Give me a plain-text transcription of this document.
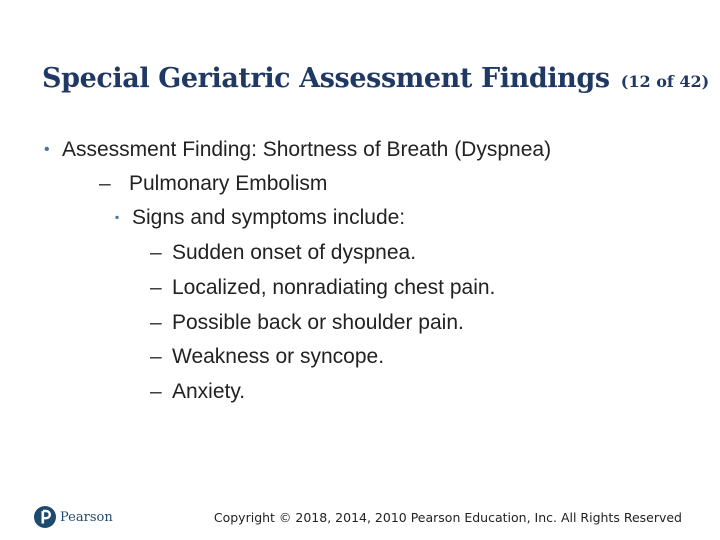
Special Geriatric Assessment Findings (12 of 42)
• Assessment Finding: Shortness of Breath (Dyspnea)
– Pulmonary Embolism
▪ Signs and symptoms include:
– Sudden onset of dyspnea.
– Localized, nonradiating chest pain.
– Possible back or shoulder pain.
– Weakness or syncope.
– Anxiety.
Pearson	Copyright © 2018, 2014, 2010 Pearson Education, Inc. All Rights Reserved
